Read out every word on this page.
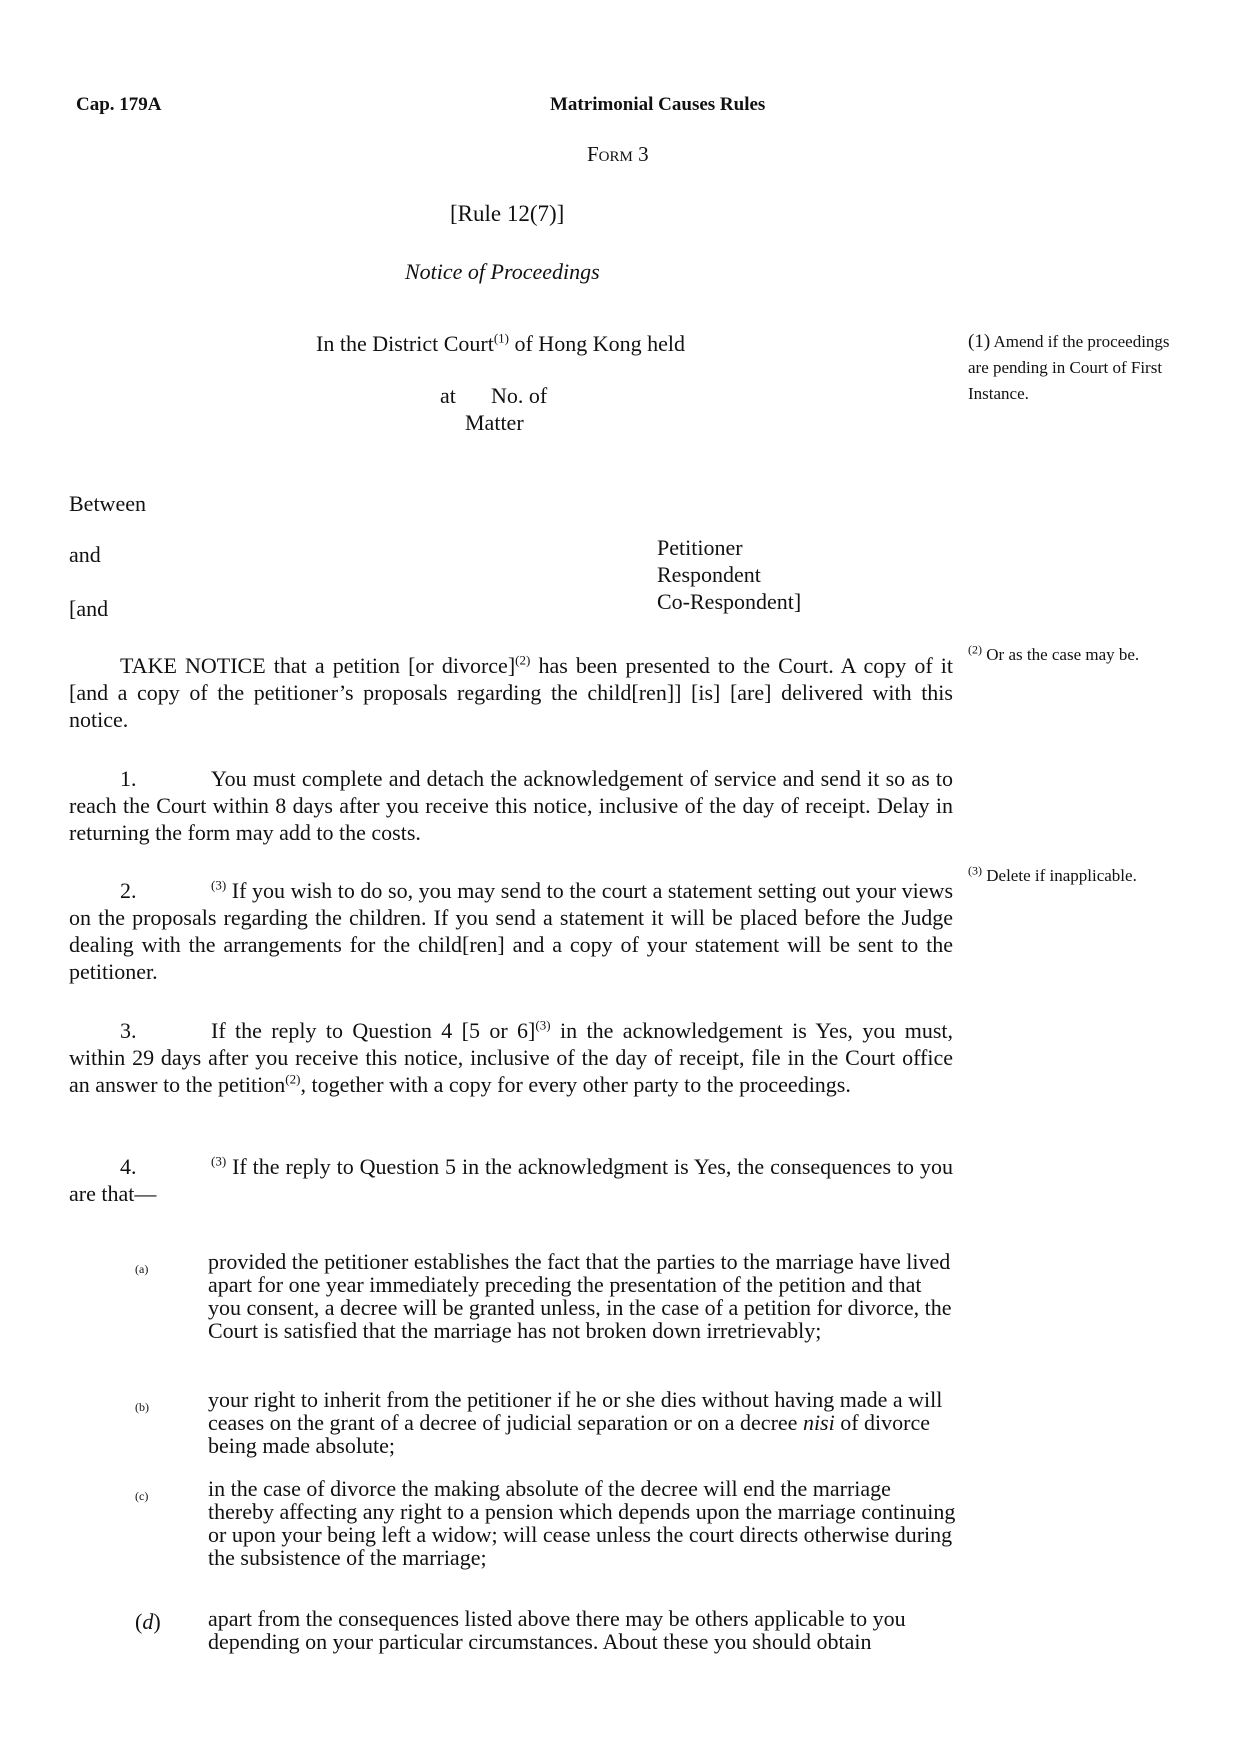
Cap. 179A	Matrimonial Causes Rules
Form 3
[Rule 12(7)]
Notice of Proceedings
In the District Court$^{(1)}$ of Hong Kong held
at No. of
Matter
(1) Amend if the proceedings are pending in Court of First Instance.
Between
and
[and
Petitioner
Respondent
Co-Respondent]
TAKE NOTICE that a petition [or divorce]$^{(2)}$ has been presented to the Court. A copy of it [and a copy of the petitioner’s proposals regarding the child[ren]] [is] [are] delivered with this notice.
$^{(2)}$ Or as the case may be.
1.	You must complete and detach the acknowledgement of service and send it so as to reach the Court within 8 days after you receive this notice, inclusive of the day of receipt. Delay in returning the form may add to the costs.
2.	$^{(3)}$ If you wish to do so, you may send to the court a statement setting out your views on the proposals regarding the children. If you send a statement it will be placed before the Judge dealing with the arrangements for the child[ren] and a copy of your statement will be sent to the petitioner.
$^{(3)}$ Delete if inapplicable.
3.	If the reply to Question 4 [5 or 6]$^{(3)}$ in the acknowledgement is Yes, you must, within 29 days after you receive this notice, inclusive of the day of receipt, file in the Court office an answer to the petition$^{(2)}$, together with a copy for every other party to the proceedings.
4.	$^{(3)}$ If the reply to Question 5 in the acknowledgment is Yes, the consequences to you are that—
(a)	provided the petitioner establishes the fact that the parties to the marriage have lived apart for one year immediately preceding the presentation of the petition and that you consent, a decree will be granted unless, in the case of a petition for divorce, the Court is satisfied that the marriage has not broken down irretrievably;
(b)	your right to inherit from the petitioner if he or she dies without having made a will ceases on the grant of a decree of judicial separation or on a decree nisi of divorce being made absolute;
(c)	in the case of divorce the making absolute of the decree will end the marriage thereby affecting any right to a pension which depends upon the marriage continuing or upon your being left a widow; will cease unless the court directs otherwise during the subsistence of the marriage;
(d) apart from the consequences listed above there may be others applicable to you depending on your particular circumstances. About these you should obtain
